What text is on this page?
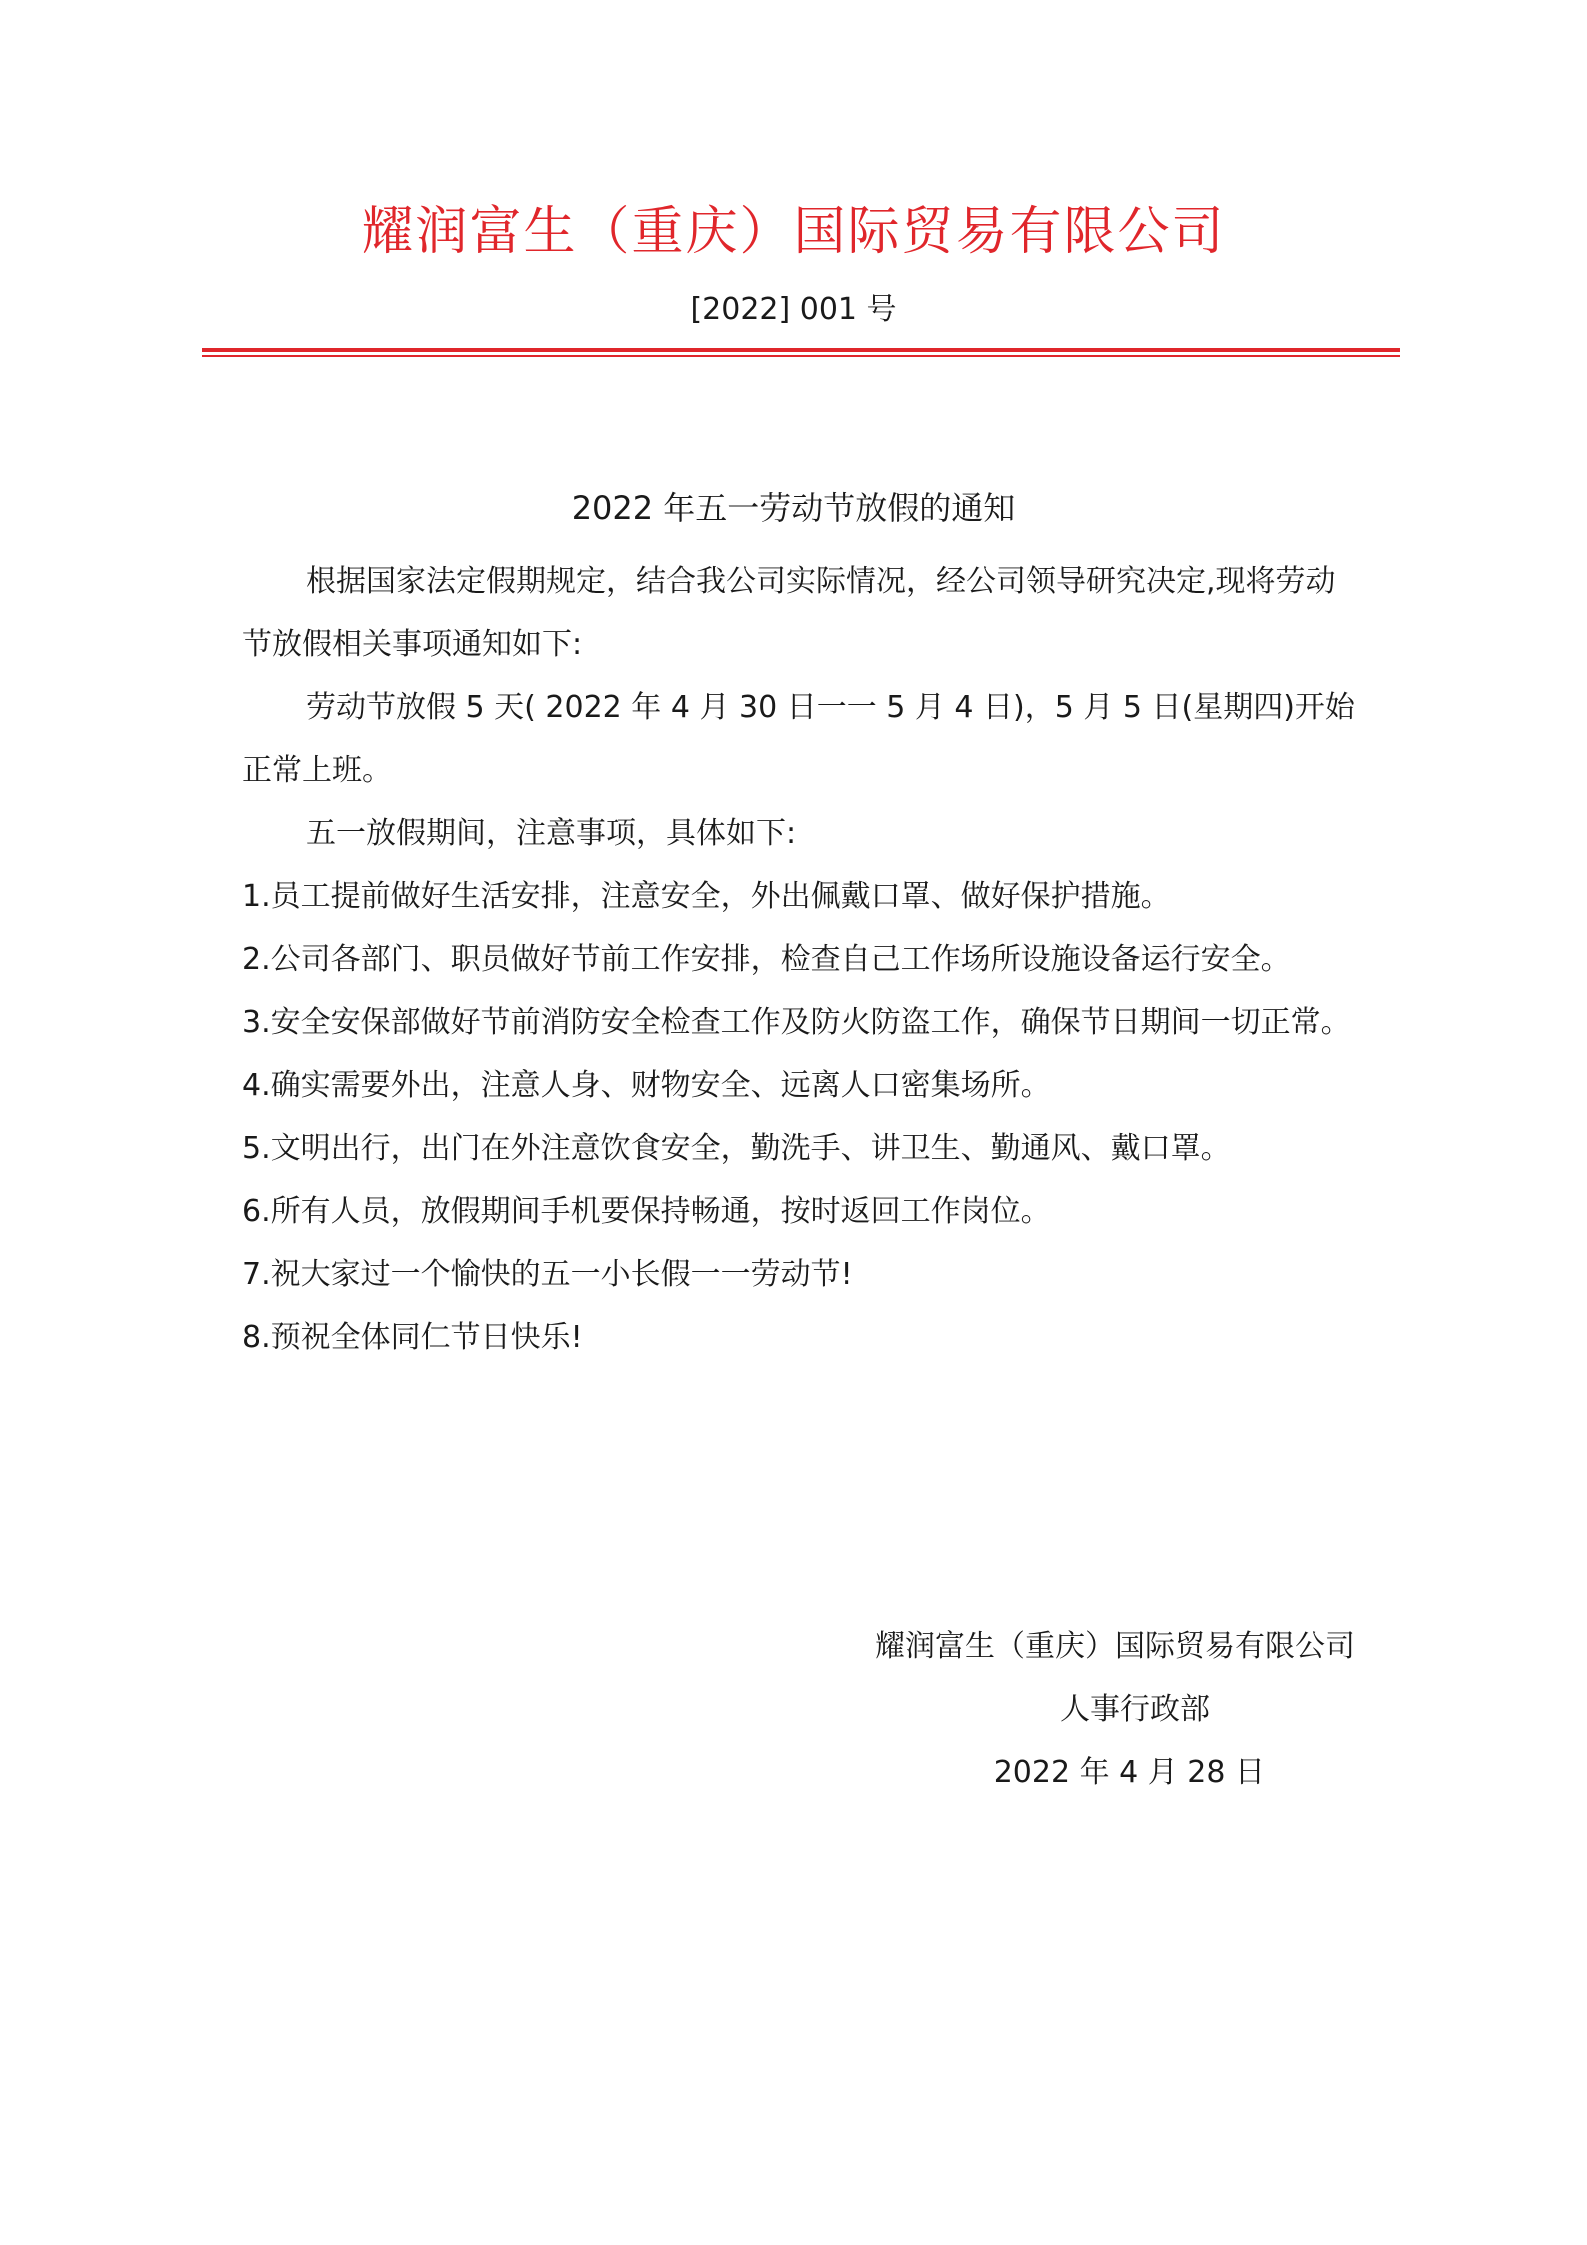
耀润富生（重庆）国际贸易有限公司
[2022] 001 号
2022 年五一劳动节放假的通知

根据国家法定假期规定，结合我公司实际情况，经公司领导研究决定,现将劳动节放假相关事项通知如下:

劳动节放假 5 天( 2022 年 4 月 30 日一一 5 月 4 日)，5 月 5 日(星期四)开始正常上班。

五一放假期间，注意事项，具体如下:

1.员工提前做好生活安排，注意安全，外出佩戴口罩、做好保护措施。

2.公司各部门、职员做好节前工作安排，检查自己工作场所设施设备运行安全。

3.安全安保部做好节前消防安全检查工作及防火防盗工作，确保节日期间一切正常。

4.确实需要外出，注意人身、财物安全、远离人口密集场所。

5.文明出行，出门在外注意饮食安全，勤洗手、讲卫生、勤通风、戴口罩。

6.所有人员，放假期间手机要保持畅通，按时返回工作岗位。

7.祝大家过一个愉快的五一小长假一一劳动节!

8.预祝全体同仁节日快乐!

耀润富生（重庆）国际贸易有限公司
人事行政部
2022 年 4 月 28 日
